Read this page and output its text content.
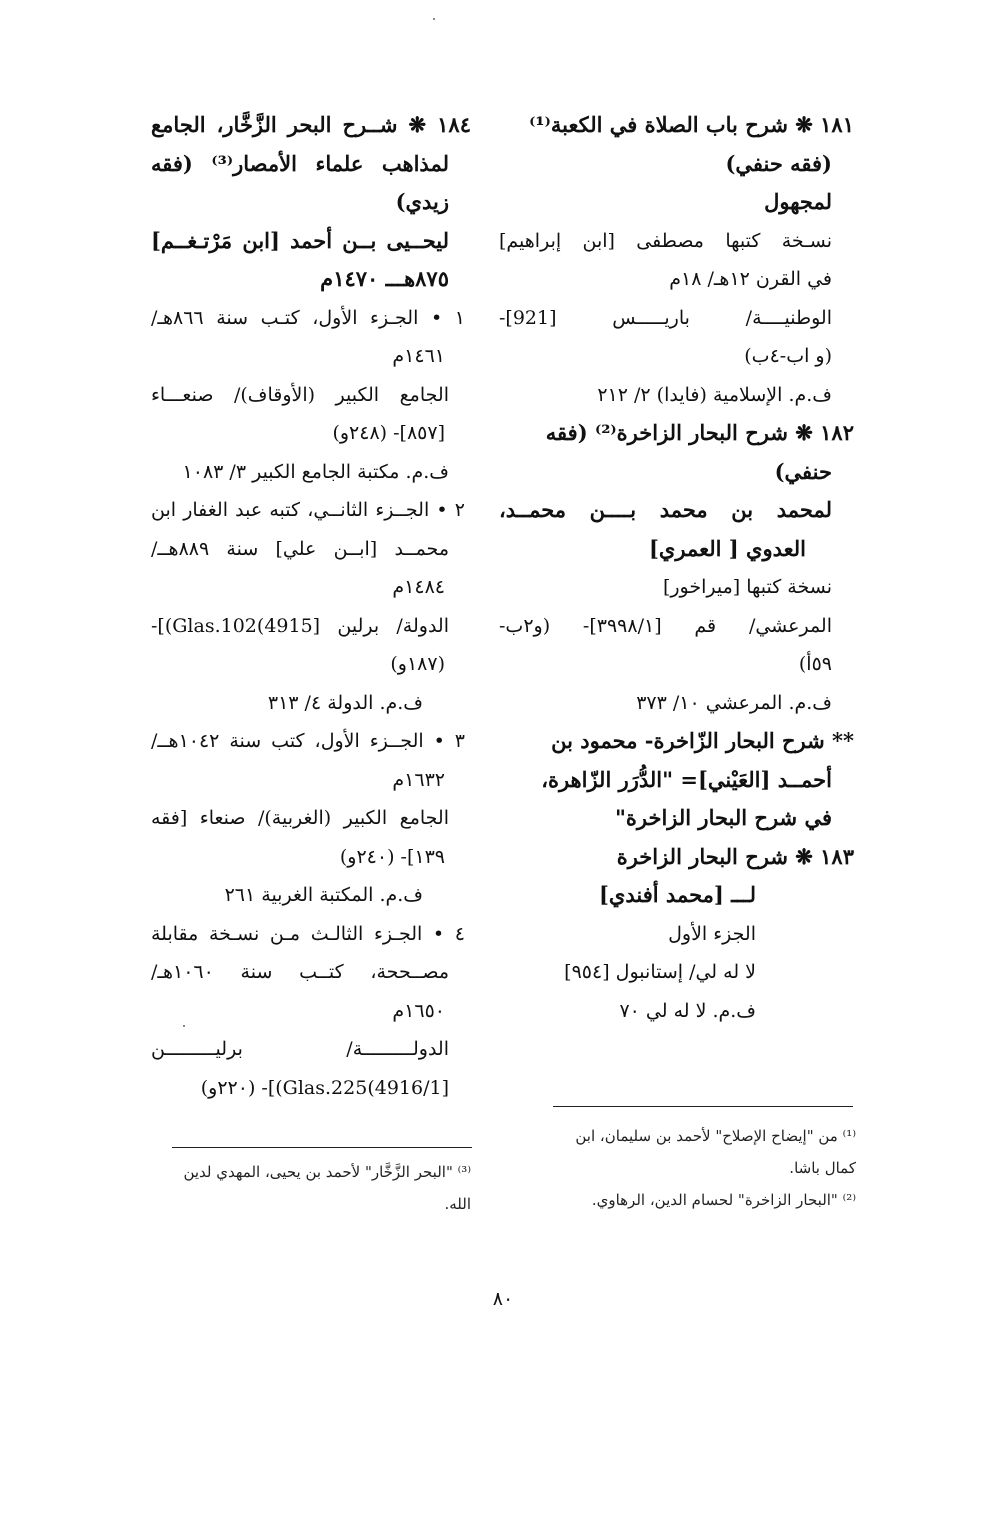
١٨١ ❋ شرح باب الصلاة في الكعبة⁽¹⁾
(فقه حنفي)
لمجهول
نسـخة كتبها مصطفى [ابن إبراهيم]
في القرن ١٢هـ/ ١٨م
الوطنيــــة/ باريـــــس [921]-
(و اب-٤ب)
ف.م. الإسلامية (فايدا) ٢/ ٢١٢
١٨٢ ❋ شرح البحار الزاخرة⁽²⁾ (فقه
حنفي)
لمحمد بن محمد بــــن محمــد،
العدوي [ العمري]
نسخة كتبها [ميراخور]
المرعشي/ قم [٣٩٩٨/١]- (و٢ب-
٥٩أ)
ف.م. المرعشي ١٠/ ٣٧٣
** شرح البحار الزّاخرة- محمود بن
أحمــد [العَيْني]= "الدُّرَر الزّاهرة،
في شرح البحار الزاخرة"
١٨٣ ❋ شرح البحار الزاخرة
لـــ [محمد أفندي]
الجزء الأول
لا له لي/ إستانبول [٩٥٤]
ف.م. لا له لي ٧٠
١٨٤ ❋ شــرح البحر الزَّخَّار، الجامع
لمذاهب علماء الأمصار⁽³⁾ (فقه
زيدي)
ليحــيى بــن أحمد [ابن مَرْتـغــم]
٨٧٥هـــ ١٤٧٠م
١ • الجـزء الأول، كتـب سنة ٨٦٦هـ/
١٤٦١م
الجامع الكبير (الأوقاف)/ صنعـــاء
[٨٥٧]- (٢٤٨و)
ف.م. مكتبة الجامع الكبير ٣/ ١٠٨٣
٢ • الجــزء الثانــي، كتبه عبد الغفار ابن
محمــد [ابــن علي] سنة ٨٨٩هــ/
١٤٨٤م
الدولة/ برلين [4915)Glas.102)]-
(١٨٧و)
ف.م. الدولة ٤/ ٣١٣
٣ • الجــزء الأول، كتب سنة ١٠٤٢هــ/
١٦٣٢م
الجامع الكبير (الغربية)/ صنعاء [فقه
١٣٩]- (٢٤٠و)
ف.م. المكتبة الغربية ٢٦١
٤ • الجـزء الثالـث مـن نسـخة مقابلة
مصــححة، كتــب سنة ١٠٦٠هـ/
١٦٥٠م
الدولـــــــــة/ برليـــــــــن
[4916/1)Glas.225)]- (٢٢٠و)
⁽¹⁾ من "إيضاح الإصلاح" لأحمد بن سليمان، ابن
كمال باشا.
⁽²⁾ "البحار الزاخرة" لحسام الدين، الرهاوي.
⁽³⁾ "البحر الزَّخَّار" لأحمد بن يحيى، المهدي لدين
الله.
٨٠
